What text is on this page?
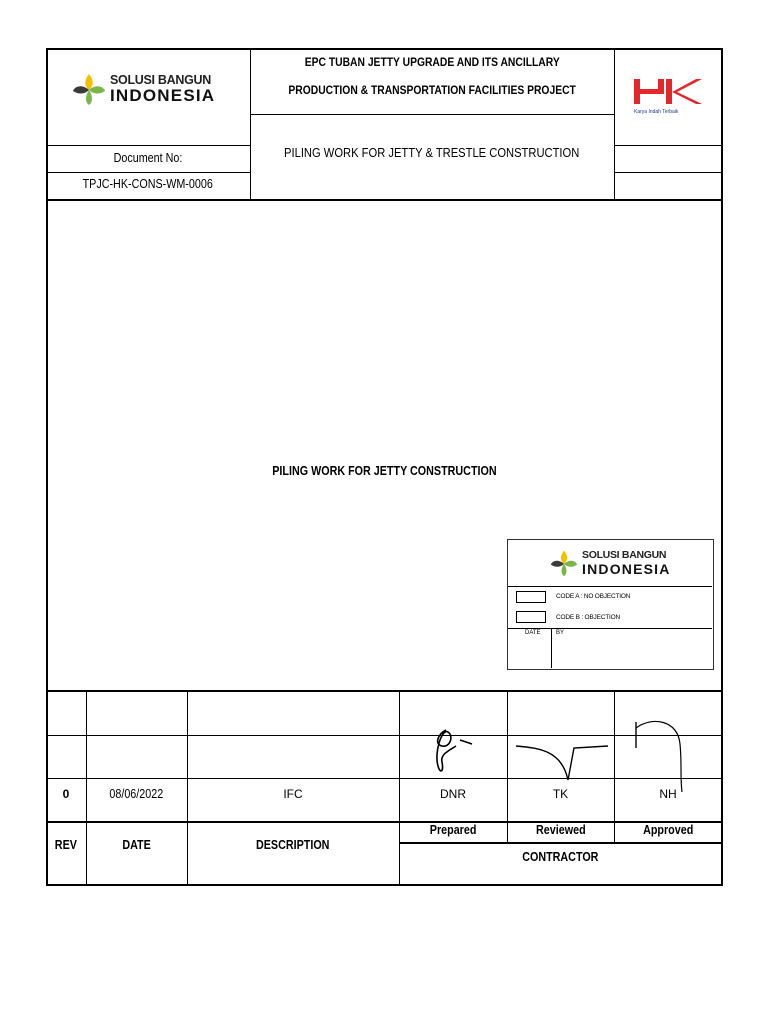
SOLUSI BANGUN
INDONESIA
EPC TUBAN JETTY UPGRADE AND ITS ANCILLARY
PRODUCTION & TRANSPORTATION FACILITIES PROJECT
Karya Indah Terbaik
PILING WORK FOR JETTY & TRESTLE CONSTRUCTION
Document No:
TPJC-HK-CONS-WM-0006
PILING WORK FOR JETTY CONSTRUCTION
SOLUSI BANGUN
INDONESIA
CODE A : NO OBJECTION
CODE B : OBJECTION
DATE	BY
0	08/06/2022	IFC	DNR	TK	NH
REV	DATE	DESCRIPTION
Prepared	Reviewed	Approved
CONTRACTOR
